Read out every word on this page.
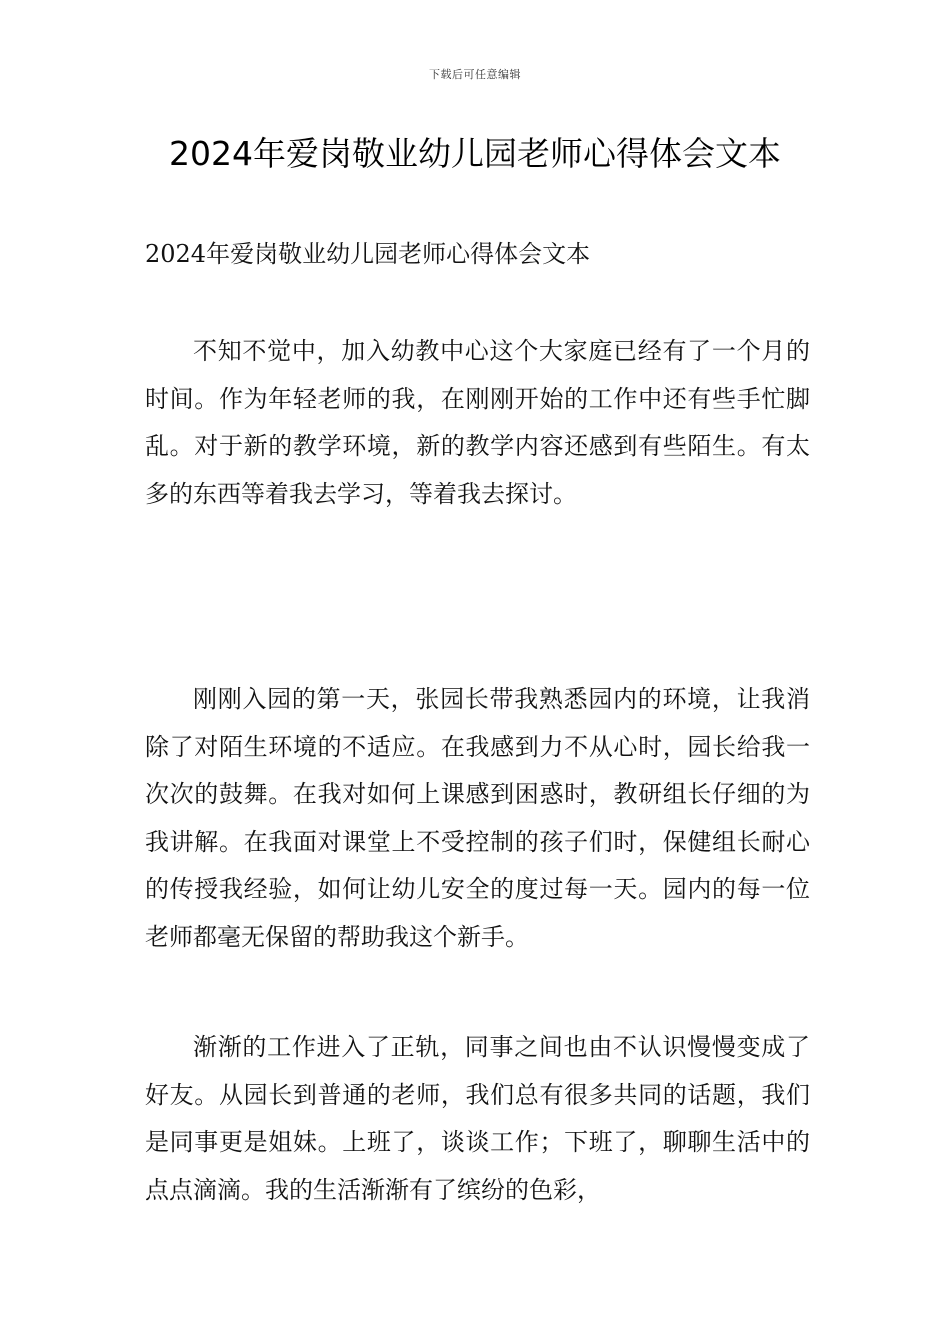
下载后可任意编辑
2024年爱岗敬业幼儿园老师心得体会文本

2024年爱岗敬业幼儿园老师心得体会文本

不知不觉中，加入幼教中心这个大家庭已经有了一个月的时间。作为年轻老师的我，在刚刚开始的工作中还有些手忙脚乱。对于新的教学环境，新的教学内容还感到有些陌生。有太多的东西等着我去学习，等着我去探讨。

刚刚入园的第一天，张园长带我熟悉园内的环境，让我消除了对陌生环境的不适应。在我感到力不从心时，园长给我一次次的鼓舞。在我对如何上课感到困惑时，教研组长仔细的为我讲解。在我面对课堂上不受控制的孩子们时，保健组长耐心的传授我经验，如何让幼儿安全的度过每一天。园内的每一位老师都毫无保留的帮助我这个新手。

渐渐的工作进入了正轨，同事之间也由不认识慢慢变成了好友。从园长到普通的老师，我们总有很多共同的话题，我们是同事更是姐妹。上班了，谈谈工作；下班了，聊聊生活中的点点滴滴。我的生活渐渐有了缤纷的色彩，
